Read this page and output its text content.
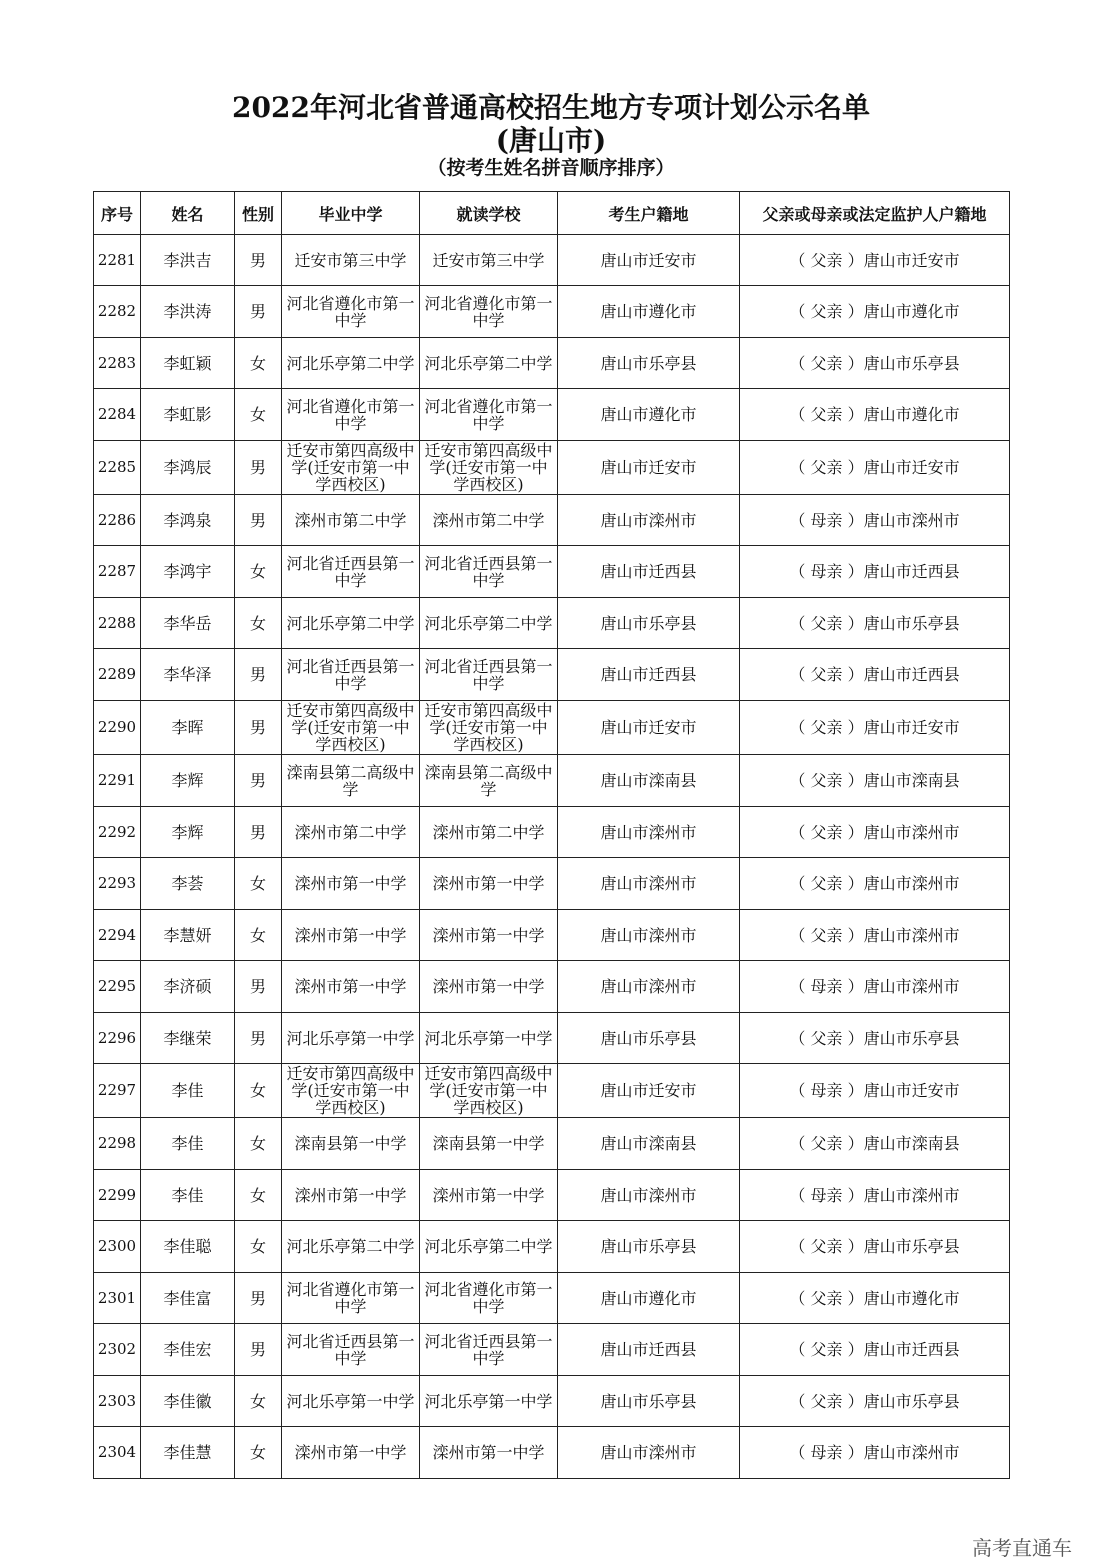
2022年河北省普通高校招生地方专项计划公示名单
(唐山市)
（按考生姓名拼音顺序排序）
序号	姓名	性别	毕业中学	就读学校	考生户籍地	父亲或母亲或法定监护人户籍地
2281	李洪吉	男	迁安市第三中学	迁安市第三中学	唐山市迁安市	（ 父亲 ）唐山市迁安市
2282	李洪涛	男	河北省遵化市第一中学	河北省遵化市第一中学	唐山市遵化市	（ 父亲 ）唐山市遵化市
2283	李虹颖	女	河北乐亭第二中学	河北乐亭第二中学	唐山市乐亭县	（ 父亲 ）唐山市乐亭县
2284	李虹影	女	河北省遵化市第一中学	河北省遵化市第一中学	唐山市遵化市	（ 父亲 ）唐山市遵化市
2285	李鸿辰	男	迁安市第四高级中学(迁安市第一中学西校区)	迁安市第四高级中学(迁安市第一中学西校区)	唐山市迁安市	（ 父亲 ）唐山市迁安市
2286	李鸿泉	男	滦州市第二中学	滦州市第二中学	唐山市滦州市	（ 母亲 ）唐山市滦州市
2287	李鸿宇	女	河北省迁西县第一中学	河北省迁西县第一中学	唐山市迁西县	（ 母亲 ）唐山市迁西县
2288	李华岳	女	河北乐亭第二中学	河北乐亭第二中学	唐山市乐亭县	（ 父亲 ）唐山市乐亭县
2289	李华泽	男	河北省迁西县第一中学	河北省迁西县第一中学	唐山市迁西县	（ 父亲 ）唐山市迁西县
2290	李晖	男	迁安市第四高级中学(迁安市第一中学西校区)	迁安市第四高级中学(迁安市第一中学西校区)	唐山市迁安市	（ 父亲 ）唐山市迁安市
2291	李辉	男	滦南县第二高级中学	滦南县第二高级中学	唐山市滦南县	（ 父亲 ）唐山市滦南县
2292	李辉	男	滦州市第二中学	滦州市第二中学	唐山市滦州市	（ 父亲 ）唐山市滦州市
2293	李荟	女	滦州市第一中学	滦州市第一中学	唐山市滦州市	（ 父亲 ）唐山市滦州市
2294	李慧妍	女	滦州市第一中学	滦州市第一中学	唐山市滦州市	（ 父亲 ）唐山市滦州市
2295	李济硕	男	滦州市第一中学	滦州市第一中学	唐山市滦州市	（ 母亲 ）唐山市滦州市
2296	李继荣	男	河北乐亭第一中学	河北乐亭第一中学	唐山市乐亭县	（ 父亲 ）唐山市乐亭县
2297	李佳	女	迁安市第四高级中学(迁安市第一中学西校区)	迁安市第四高级中学(迁安市第一中学西校区)	唐山市迁安市	（ 母亲 ）唐山市迁安市
2298	李佳	女	滦南县第一中学	滦南县第一中学	唐山市滦南县	（ 父亲 ）唐山市滦南县
2299	李佳	女	滦州市第一中学	滦州市第一中学	唐山市滦州市	（ 母亲 ）唐山市滦州市
2300	李佳聪	女	河北乐亭第二中学	河北乐亭第二中学	唐山市乐亭县	（ 父亲 ）唐山市乐亭县
2301	李佳富	男	河北省遵化市第一中学	河北省遵化市第一中学	唐山市遵化市	（ 父亲 ）唐山市遵化市
2302	李佳宏	男	河北省迁西县第一中学	河北省迁西县第一中学	唐山市迁西县	（ 父亲 ）唐山市迁西县
2303	李佳徽	女	河北乐亭第一中学	河北乐亭第一中学	唐山市乐亭县	（ 父亲 ）唐山市乐亭县
2304	李佳慧	女	滦州市第一中学	滦州市第一中学	唐山市滦州市	（ 母亲 ）唐山市滦州市
高考直通车
